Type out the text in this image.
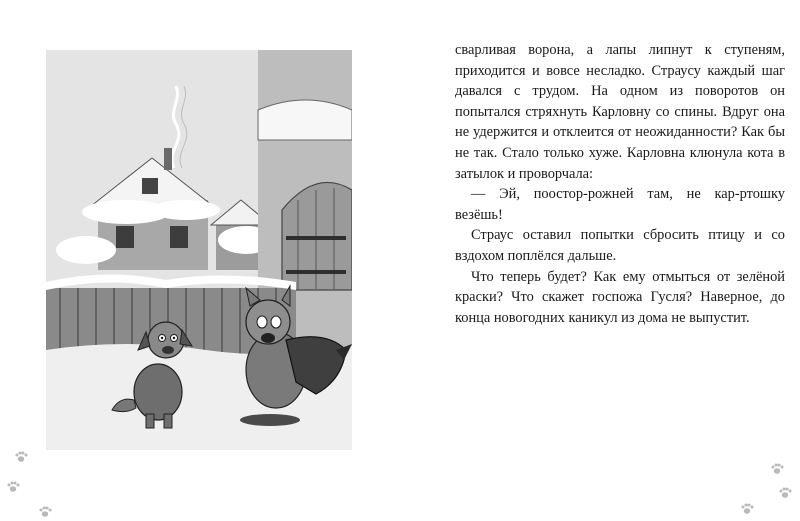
сварливая ворона, а лапы липнут к ступеням, приходится и вовсе несладко. Страусу каждый шаг давался с трудом. На одном из поворотов он попытался стряхнуть Карловну со спины. Вдруг она не удержится и отклеится от неожиданности? Как бы не так. Стало только хуже. Карловна клюнула кота в затылок и проворчала:

— Эй, поостор-рожней там, не кар-ртошку везёшь!

Страус оставил попытки сбросить птицу и со вздохом поплёлся дальше.

Что теперь будет? Как ему отмыться от зелёной краски? Что скажет госпожа Гусля? Наверное, до конца новогодних каникул из дома не выпустит.
